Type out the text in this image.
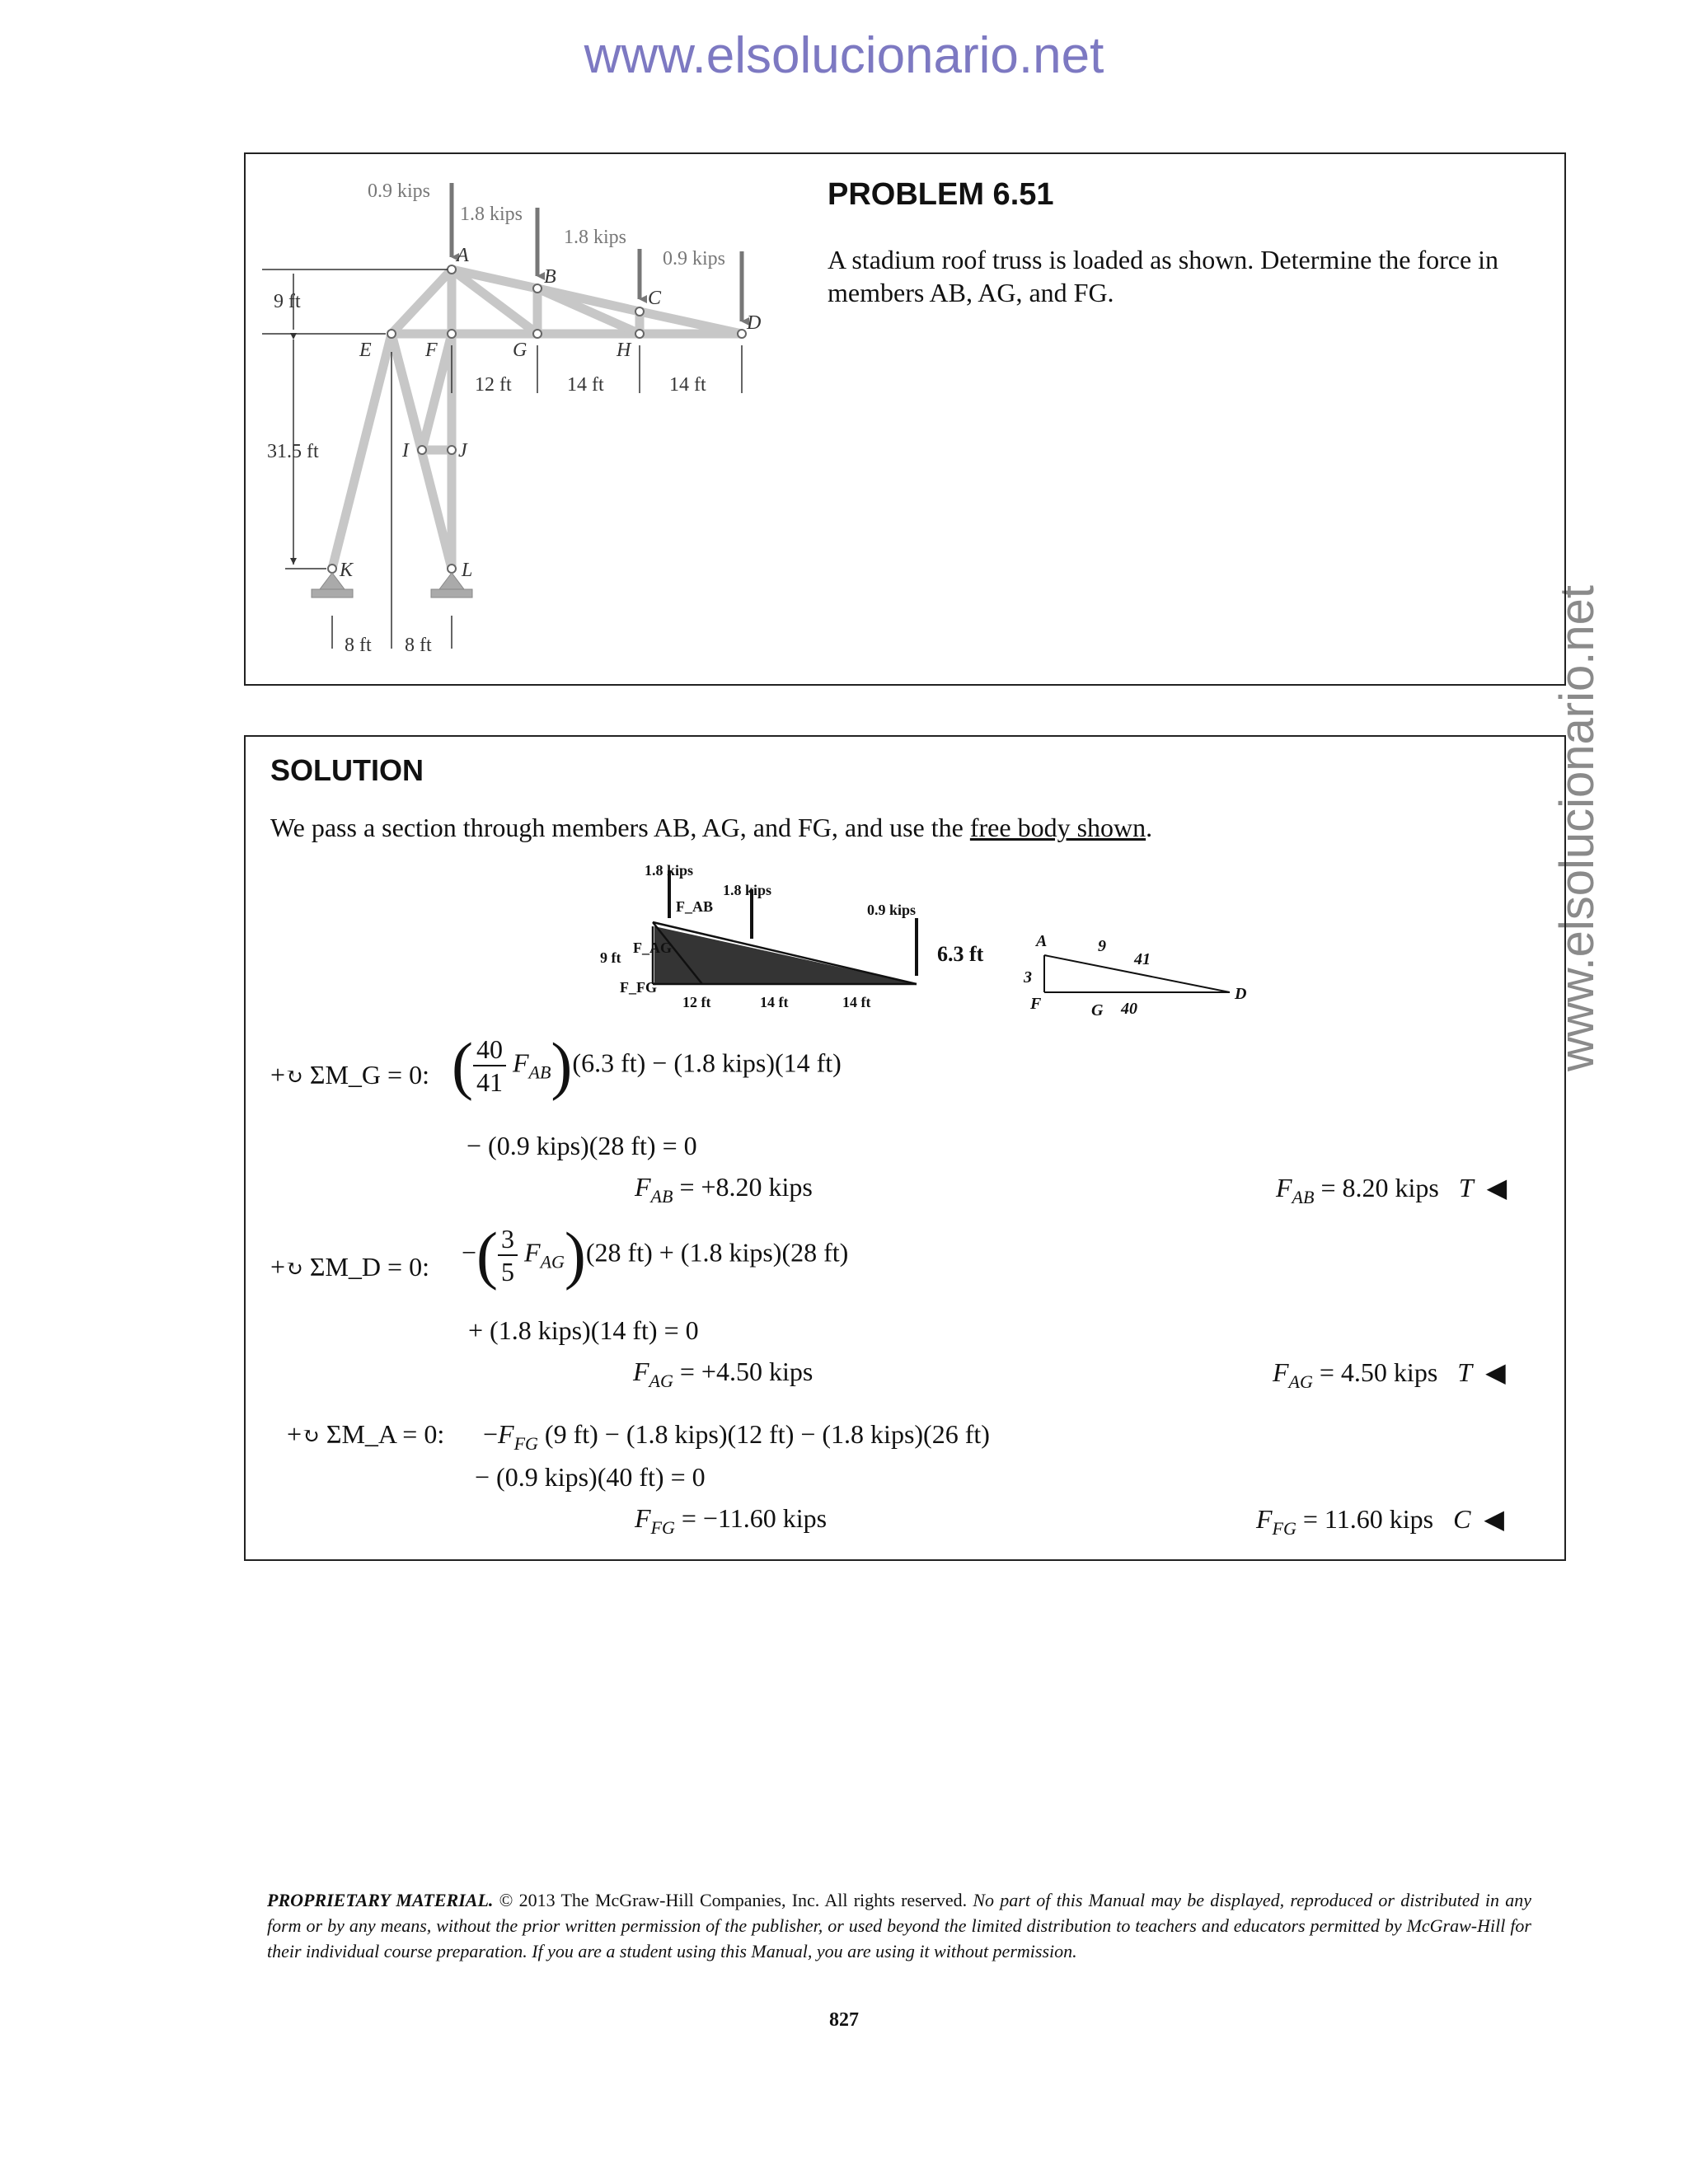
www.elsolucionario.net
www.elsolucionario.net
0.9 kips
1.8 kips
1.8 kips
0.9 kips
A
B
C
D
E	F	G	H
I	J
K	L
9 ft
31.5 ft
12 ft	14 ft	14 ft
8 ft 8 ft
PROBLEM 6.51
A stadium roof truss is loaded as shown. Determine the force in members AB, AG, and FG.
SOLUTION
We pass a section through members AB, AG, and FG, and use the free body shown.
1.8 kips
1.8 kips
0.9 kips
9 ft	6.3 ft
12 ft	14 ft	14 ft
F_AB
F_AG
F_FG
A
D
F	G
3
41
40
9
+↻ ΣM_G = 0: ( $\frac{40}{41} F_{AB})(6.3$ ft) − (1.8 kips)(14 ft)
− (0.9 kips)(28 ft) = 0
$F_{AB} = +8.20$ kips	$F_{AB} = 8.20$ kips T  ◀
+↻ ΣM_D = 0: −( $\frac{3}{5} F_{AG})(28$ ft) + (1.8 kips)(28 ft)
+ (1.8 kips)(14 ft) = 0
$F_{AG} = +4.50$ kips	$F_{AG} = 4.50$ kips T  ◀
+↻ ΣM_A = 0: $-F_{FG}$ (9 ft) − (1.8 kips)(12 ft) − (1.8 kips)(26 ft)
− (0.9 kips)(40 ft) = 0
$F_{FG} = -11.60$ kips	$F_{FG} = 11.60$ kips C  ◀
PROPRIETARY MATERIAL. © 2013 The McGraw-Hill Companies, Inc. All rights reserved. No part of this Manual may be displayed, reproduced or distributed in any form or by any means, without the prior written permission of the publisher, or used beyond the limited distribution to teachers and educators permitted by McGraw-Hill for their individual course preparation. If you are a student using this Manual, you are using it without permission.
827
